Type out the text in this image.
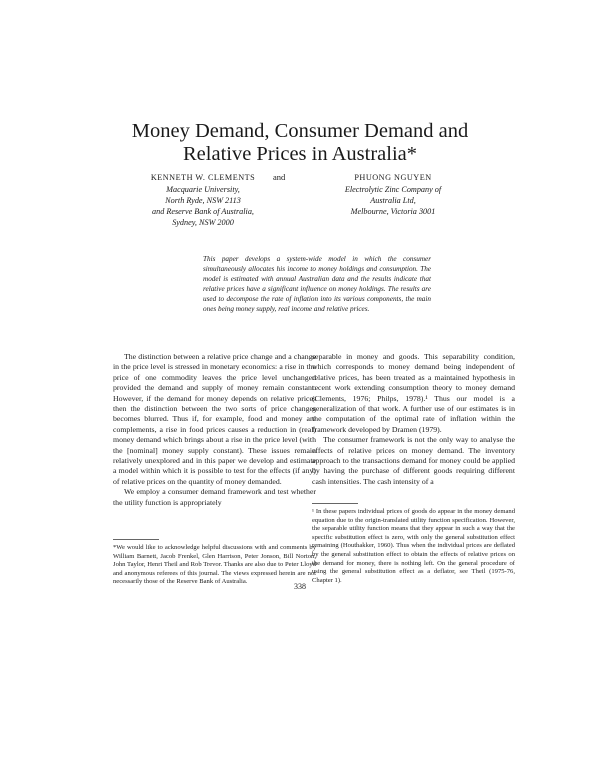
Money Demand, Consumer Demand and
Relative Prices in Australia*
KENNETH W. CLEMENTS
Macquarie University,
North Ryde, NSW 2113
and Reserve Bank of Australia,
Sydney, NSW 2000
and	PHUONG NGUYEN
Electrolytic Zinc Company of
Australia Ltd,
Melbourne, Victoria 3001
This paper develops a system-wide model in which the consumer simultaneously allocates his income to money holdings and consumption. The model is estimated with annual Australian data and the results indicate that relative prices have a significant influence on money holdings. The results are used to decompose the rate of inflation into its various components, the main ones being money supply, real income and relative prices.

The distinction between a relative price change and a change in the price level is stressed in monetary economics: a rise in the price of one commodity leaves the price level unchanged provided the demand and supply of money remain constant. However, if the demand for money depends on relative prices then the distinction between the two sorts of price changes becomes blurred. Thus if, for example, food and money are complements, a rise in food prices causes a reduction in (real) money demand which brings about a rise in the price level (with the [nominal] money supply constant). These issues remain relatively unexplored and in this paper we develop and estimate a model within which it is possible to test for the effects (if any) of relative prices on the quantity of money demanded.

We employ a consumer demand framework and test whether the utility function is appropriately

separable in money and goods. This separability condition, which corresponds to money demand being independent of relative prices, has been treated as a maintained hypothesis in recent work extending consumption theory to money demand (Clements, 1976; Philps, 1978).¹ Thus our model is a generalization of that work. A further use of our estimates is in the computation of the optimal rate of inflation within the framework developed by Dramen (1979).

The consumer framework is not the only way to analyse the effects of relative prices on money demand. The inventory approach to the transactions demand for money could be applied by having the purchase of different goods requiring different cash intensities. The cash intensity of a

*We would like to acknowledge helpful discussions with and comments by William Barnett, Jacob Frenkel, Glen Harrison, Peter Jonson, Bill Norton, John Taylor, Henri Theil and Rob Trevor. Thanks are also due to Peter Lloyd and anonymous referees of this journal. The views expressed herein are not necessarily those of the Reserve Bank of Australia.
¹ In these papers individual prices of goods do appear in the money demand equation due to the origin-translated utility function specification. However, the separable utility function means that they appear in such a way that the specific substitution effect is zero, with only the general substitution effect remaining (Houthakker, 1960). Thus when the individual prices are deflated by the general substitution effect to obtain the effects of relative prices on the demand for money, there is nothing left. On the general procedure of using the general substitution effect as a deflator, see Theil (1975-76, Chapter 1).
338
